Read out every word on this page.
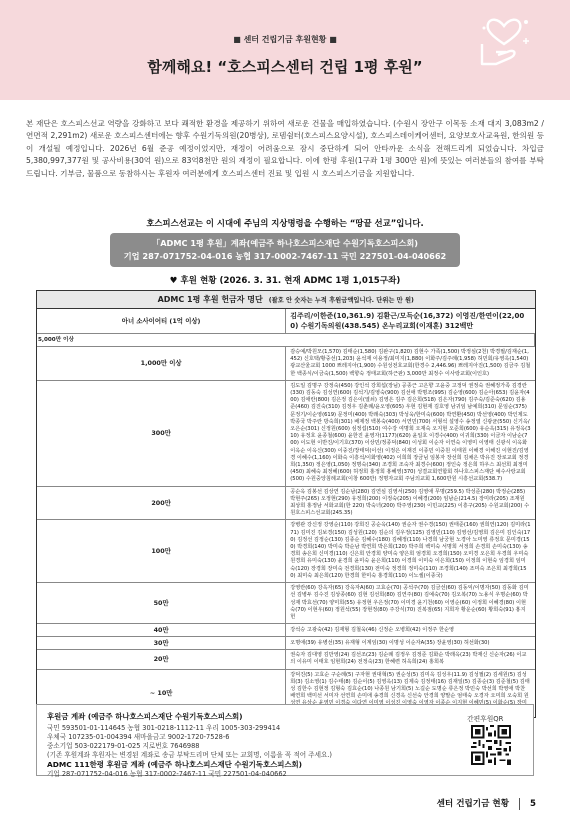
■ 센터 건립기금 후원현황 ■
함께해요! “호스피스센터 건립 1평 후원”
본 재단은 호스피스선교 역량을 강화하고 보다 쾌적한 환경을 제공하기 위하여 새로운 건물을 매입하였습니다. (수원시 장안구 이목동 소재 대지 3,083m2 / 연면적 2,291m2) 새로운 호스피스센터에는 향후 수원기독의원(20병상), 로뎀쉼터(호스피스요양시설), 호스피스데이케어센터, 요양보호사교육원, 한의원 등이 개설될 예정입니다. 2026년 6월 준공 예정이었지만, 재정이 어려움으로 잠시 중단하게 되어 안타까운 소식을 전해드리게 되었습니다. 차입금 5,380,997,377원 및 공사비용(30억 원)으로 83억8천만 원의 재정이 필요합니다. 이에 한평 후원(1구좌 1평 300만 원)에 뜻있는 여러분들의 참여를 부탁드립니다. 기부금, 물품으로 동참하시는 후원자 여러분에게 호스피스센터 진료 및 입원 시 호스피스기금을 지원합니다.
호스피스선교는 이 시대에 주님의 지상명령을 수행하는 “땅끝 선교”입니다.
「ADMC 1평 후원」계좌(예금주 하나호스피스재단 수원기독호스피스회)
기업 287-071752-04-016 농협 317-0002-7467-11 국민 227501-04-040662
♥ 후원 현황 (2026. 3. 31. 현재 ADMC 1평 1,015구좌)
ADMC 1평 후원 헌금자 명단 (괄호 안 숫자는 누적 후원금액입니다. 단위는 만 원)	
아너 소사이어티 (1억 이상)	김주리/이한준(10,361.9) 김환근/모득순(16,372) 이영진/한연이(22,000) 수원기독의원(438.545) 온누리교회(이재훈) 312백만
5,000만 이상	
1,000만 이상	감승예/박원모(1,570) 김태순(1,580) 김완구(1,820) 김현수 가족(1,500) 박정심(2천) 박경필/김재순(1,452) 신호택/황중선(1,203) 윤석재 이용정/최미지(1,880) 이화주/김주례(1,958) 허민회/유영옥(1,540) 광교산울교회 1000 쁘레지아(1,900) 수원성전호교회(한경수 2,446.96) 쁘레지아진(1,500) 김금주 김철한 백종식/이금숙(1,500) 백향숙 정태교회(하근판) 3,000만 최정수 이사랑교회(이인호)
300만	김도일 김명구 강정숙(450) 강인석 강희섭(장님) 공종근 고은향 고윤중 고정덕 권정숙 권혜정가족 김경란(330) 김동숙 김성연(600) 김석기/김영숙(900) 김선애 박명조(995) 김순영(600) 김순아(653) 김윤자(400) 김애란(800) 김은정 김은이(열쇠) 김영은 김주 김은희(518) 김은자(790) 김주숙/김준숙(620) 김용준(460) 김진숙(310) 김정우 김춘례/윤오영(605) 우현 김현재 김호영 남귀임 남예희(310) 문임순(375) 문정기/이순영(619) 문정미(400) 박래숙(303) 박성욱/한미숙(600) 박연환(450) 박선영(400) 박인제도 박종국 박주란 방숙희(301) 배제정 백봉숙(400) 서연민(700) 서형석 설영수 송정열 신광균(550) 신기옥/오은순(301) 신정원(600) 심정섭(510) 여수강 여명희 오재숙 오지현 오준희(600) 유순옥(315) 유정옥(310) 유정호 윤종철(600) 윤한진 윤영자(1177)(620) 윤일호 이경수(400) 이귀희(330) 이금자 이남순(700) 이도현 이반진/이기호(370) 이상민/정종덕(840) 이성회 이순자 이연숙 이영미 이영태 신광식 이옥화 이옥순 이옥신(300) 이중진/장태덕(이선) 이정은 이재진 이종민 이중원 이태원 이해경 이해진 이현진/김영경 이혜수(1,160) 이화숙 이흥석/이화영(402) 이희희 장금님 임봉자 장선희 김채은 박유진 장로교회 정경희(1,350) 정은영(1,050) 정명숙(340) 조경희 조숙자 최경수(600) 정인숙 정은희 하우스 최선희 최정미(450) 최혜숙 최정혜(600) 허정희 홍정희 홍혜영(370) 성결교회연합회 하나호스피스재단 예수사랑교회(500) 수원중앙침례교회(이창 600만) 정명자교회 주님의교회 1,600만원 시흥선교회(538.7)
200만	공순옥 김봉선 김상연 김순남(280) 김연심 김영서(250) 김영애 무명(259.5) 박성준(280) 박정순(285) 박현주(265) 오정현(290) 유정희(200) 이정숙(205) 이혜경(200) 임남순(214.5) 장미라(205) 조재원 최상희 홍정남 서화교회(한 220) 박숙녀(200) 박주영(230) 이민교(225) 이흥구(205) 수원교회(200) 수원호스피스선교회(245.35)
100만	강병관 강신정 강영순(110) 강희진 공순옥(140) 권순자 권수경(150) 권태준(160) 권희연(120) 김미라(171) 김미진 김보경(150) 김성원(120) 김순의 김우정(125) 김영민(110) 김영선/김영희 김은미 김인숙(170) 김정선 김정순(130) 김종순 김혜수(180) 김혜정(110) 나경희 남궁현 노경아 노미영 류정호 문미경(150) 박경희(140) 박미숙 박순남 박연희 박은희(120) 박주희 백미숙 서명희 서정희 손경희 손미숙(130) 송경희 송은희 신미경(110) 신은희 안경희 양미숙 양은희 엄경희 오경희(150) 오미경 오은희 우경희 우미숙 원경희 유미숙(130) 윤경희 윤미숙 윤은희(110) 이경희 이미숙 이은희(150) 이정희 이현숙 임경희 임미숙(120) 장경희 장미숙 전경희(130) 전미숙 정경희 정미숙(110) 조경희(140) 조미숙 조은희 최경희(150) 최미숙 최은희(120) 한경희 한미숙 홍경희(110) 이노셀(이종국)
50만	강영란(60) 강옥자(65) 강옥자A(60) 고효순(70) 공석주(70) 김금선(60) 김동익/이명자(50) 김동화 김미선 김병두 김수진 김상종(60) 김현 김선희(80) 김연주(80) 김예숙(70) 김오복(70) 노용식 우명순(60) 박성재 박효선(70) 양미희(55) 유정현 우은정(70) 이미경 윤기천(60) 이영순(60) 이정희 이혜경(80) 이현숙(70) 이현우(60) 정원석(55) 장현정(80) 주강식(70) 진복점(65) 지희자 황운순(60) 황희숙(91) 홍지헌
40만	강석승 고광숙(42) 김재형 김철욱(46) 신정순 오병희(42) 이정주 한순영
30만	오명애(39) 유병선(35) 유재형 이계임(30) 이명성 이순자A(35) 장윤영(30) 허선화(30)
20만	권숙자 김대영 김만영(24) 김선조(23) 김순례 김정우 김정준 김화순 박래옥(23) 박재신 신순자(26) 이교의 이유미 이태호 임현희(24) 전정숙(23) 한혜련 허옥희(24) 홍희복
~ 10만	강덕진(5) 고효순 구순례(5) 구자현 권대혁(5) 권순성(5) 김미옥 김성우(11.9) 김성필(2) 김세원(5) 김성희(3) 김소영(1) 김수태(8) 김순이(5) 김영옥(13) 김제숙 김정태(16) 김재일(5) 김종순(3) 김준철(5) 김태성 김한수 김현정 김형숙 김효순(10) 나종원 남기희(5) 노길순 도명순 류은정 박민숙 박선희 박영애 박찬 배연희 백미선 서미자 선연희 손미애 송경희 신경옥 신선숙 안경희 양말순 엄태숙 오경자 오미희 오숙희 원
후원금 계좌 (예금주 하나호스피스재단 수원기독호스피스회)
국민 593501-01-114645 농협 301-0218-1112-11 우리 1005-303-299414
우체국 107235-01-004394 새마을금고 9002-1720-7528-6
중소기업 503-022179-01-025 지로번호 7646988
(기존 후원계좌 후원자는 변경된 계좌로 송금 부탁드리며 단체 또는 교회명, 이름을 꼭 적어 주세요.)
ADMC 111한평 후원금 계좌 (예금주 하나호스피스재단 수원기독호스피스회)
기업 287-071752-04-016 농협 317-0002-7467-11 국민 227501-04-040662
간편후원QR
센터 건립기금 현황 5
